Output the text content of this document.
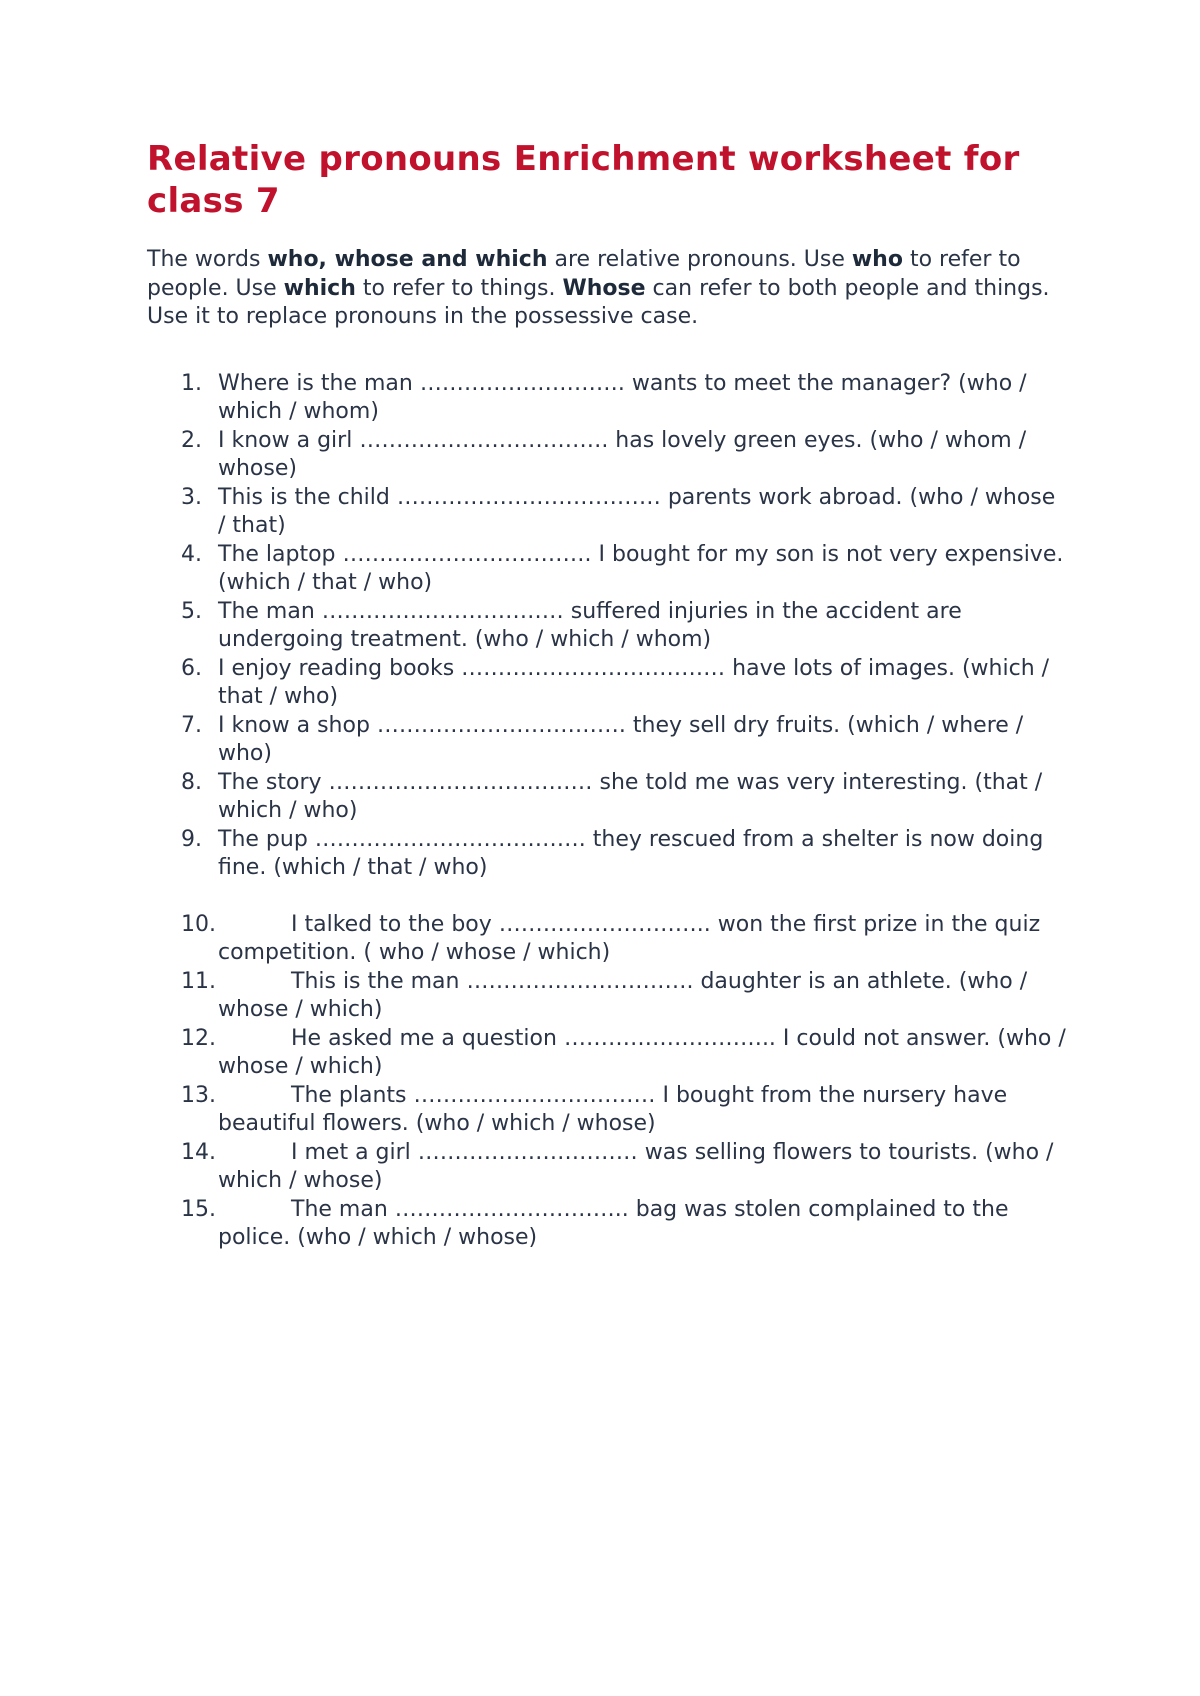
Relative pronouns Enrichment worksheet for class 7

The words who, whose and which are relative pronouns. Use who to refer to people. Use which to refer to things. Whose can refer to both people and things. Use it to replace pronouns in the possessive case.

1. Where is the man ………………………. wants to meet the manager? (who / which / whom)
2. I know a girl ……………………………. has lovely green eyes. (who / whom / whose)
3. This is the child ……………………………… parents work abroad. (who / whose / that)
4. The laptop ……………………………. I bought for my son is not very expensive. (which / that / who)
5. The man …………………………… suffered injuries in the accident are undergoing treatment. (who / which / whom)
6. I enjoy reading books ……………………………… have lots of images. (which / that / who)
7. I know a shop ……………………………. they sell dry fruits. (which / where / who)
8. The story ……………………………… she told me was very interesting. (that / which / who)
9. The pup ………………………………. they rescued from a shelter is now doing fine. (which / that / who)
10.	I talked to the boy ……………………….. won the first prize in the quiz competition. ( who / whose / which)
11.	This is the man …………………………. daughter is an athlete. (who / whose / which)
12.	He asked me a question ……………………….. I could not answer. (who / whose / which)
13.	The plants …………………………… I bought from the nursery have beautiful flowers. (who / which / whose)
14.	I met a girl ………………………… was selling flowers to tourists. (who / which / whose)
15.	The man ………………………….. bag was stolen complained to the police. (who / which / whose)
